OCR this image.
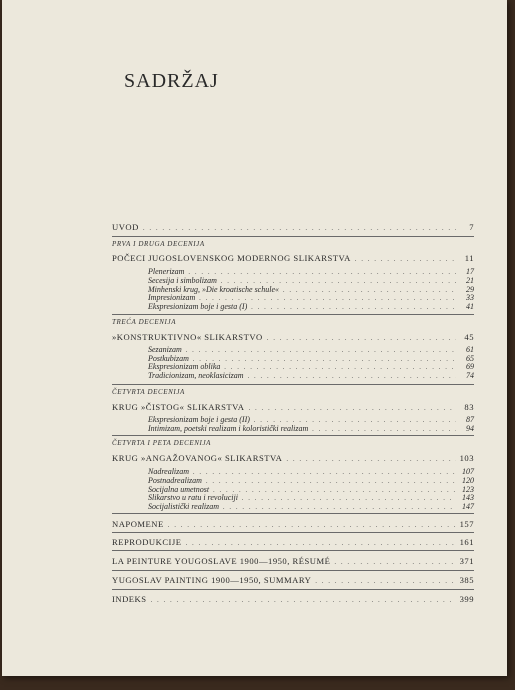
SADRŽAJ
UVOD . . .	7
PRVA I DRUGA DECENIJA
POČECI JUGOSLOVENSKOG MODERNOG SLIKARSTVA . . .	11
Plenerizam . . .	17
Secesija i simbolizam . . .	21
Minhenski krug, »Die kroatische schule« . . .	29
Impresionizam . . .	33
Ekspresionizam boje i gesta (I) . . .	41
TREĆA DECENIJA
»KONSTRUKTIVNO« SLIKARSTVO . . .	45
Sezanizam . . .	61
Postkubizam . . .	65
Ekspresionizam oblika . . .	69
Tradicionizam, neoklasicizam . . .	74
ČETVRTA DECENIJA
KRUG »ČISTOG« SLIKARSTVA . . .	83
Ekspresionizam boje i gesta (II) . . .	87
Intimizam, poetski realizam i koloristički realizam . . .	94
ČETVRTA I PETA DECENIJA
KRUG »ANGAŽOVANOG« SLIKARSTVA . . .	103
Nadrealizam . . .	107
Postnadrealizam . . .	120
Socijalna umetnost . . .	123
Slikarstvo u ratu i revoluciji . . .	143
Socijalistički realizam . . .	147
NAPOMENE . . .	157
REPRODUKCIJE . . .	161
LA PEINTURE YOUGOSLAVE 1900—1950, RÉSUMÉ . . .	371
YUGOSLAV PAINTING 1900—1950, SUMMARY . . .	385
INDEKS . . .	399
